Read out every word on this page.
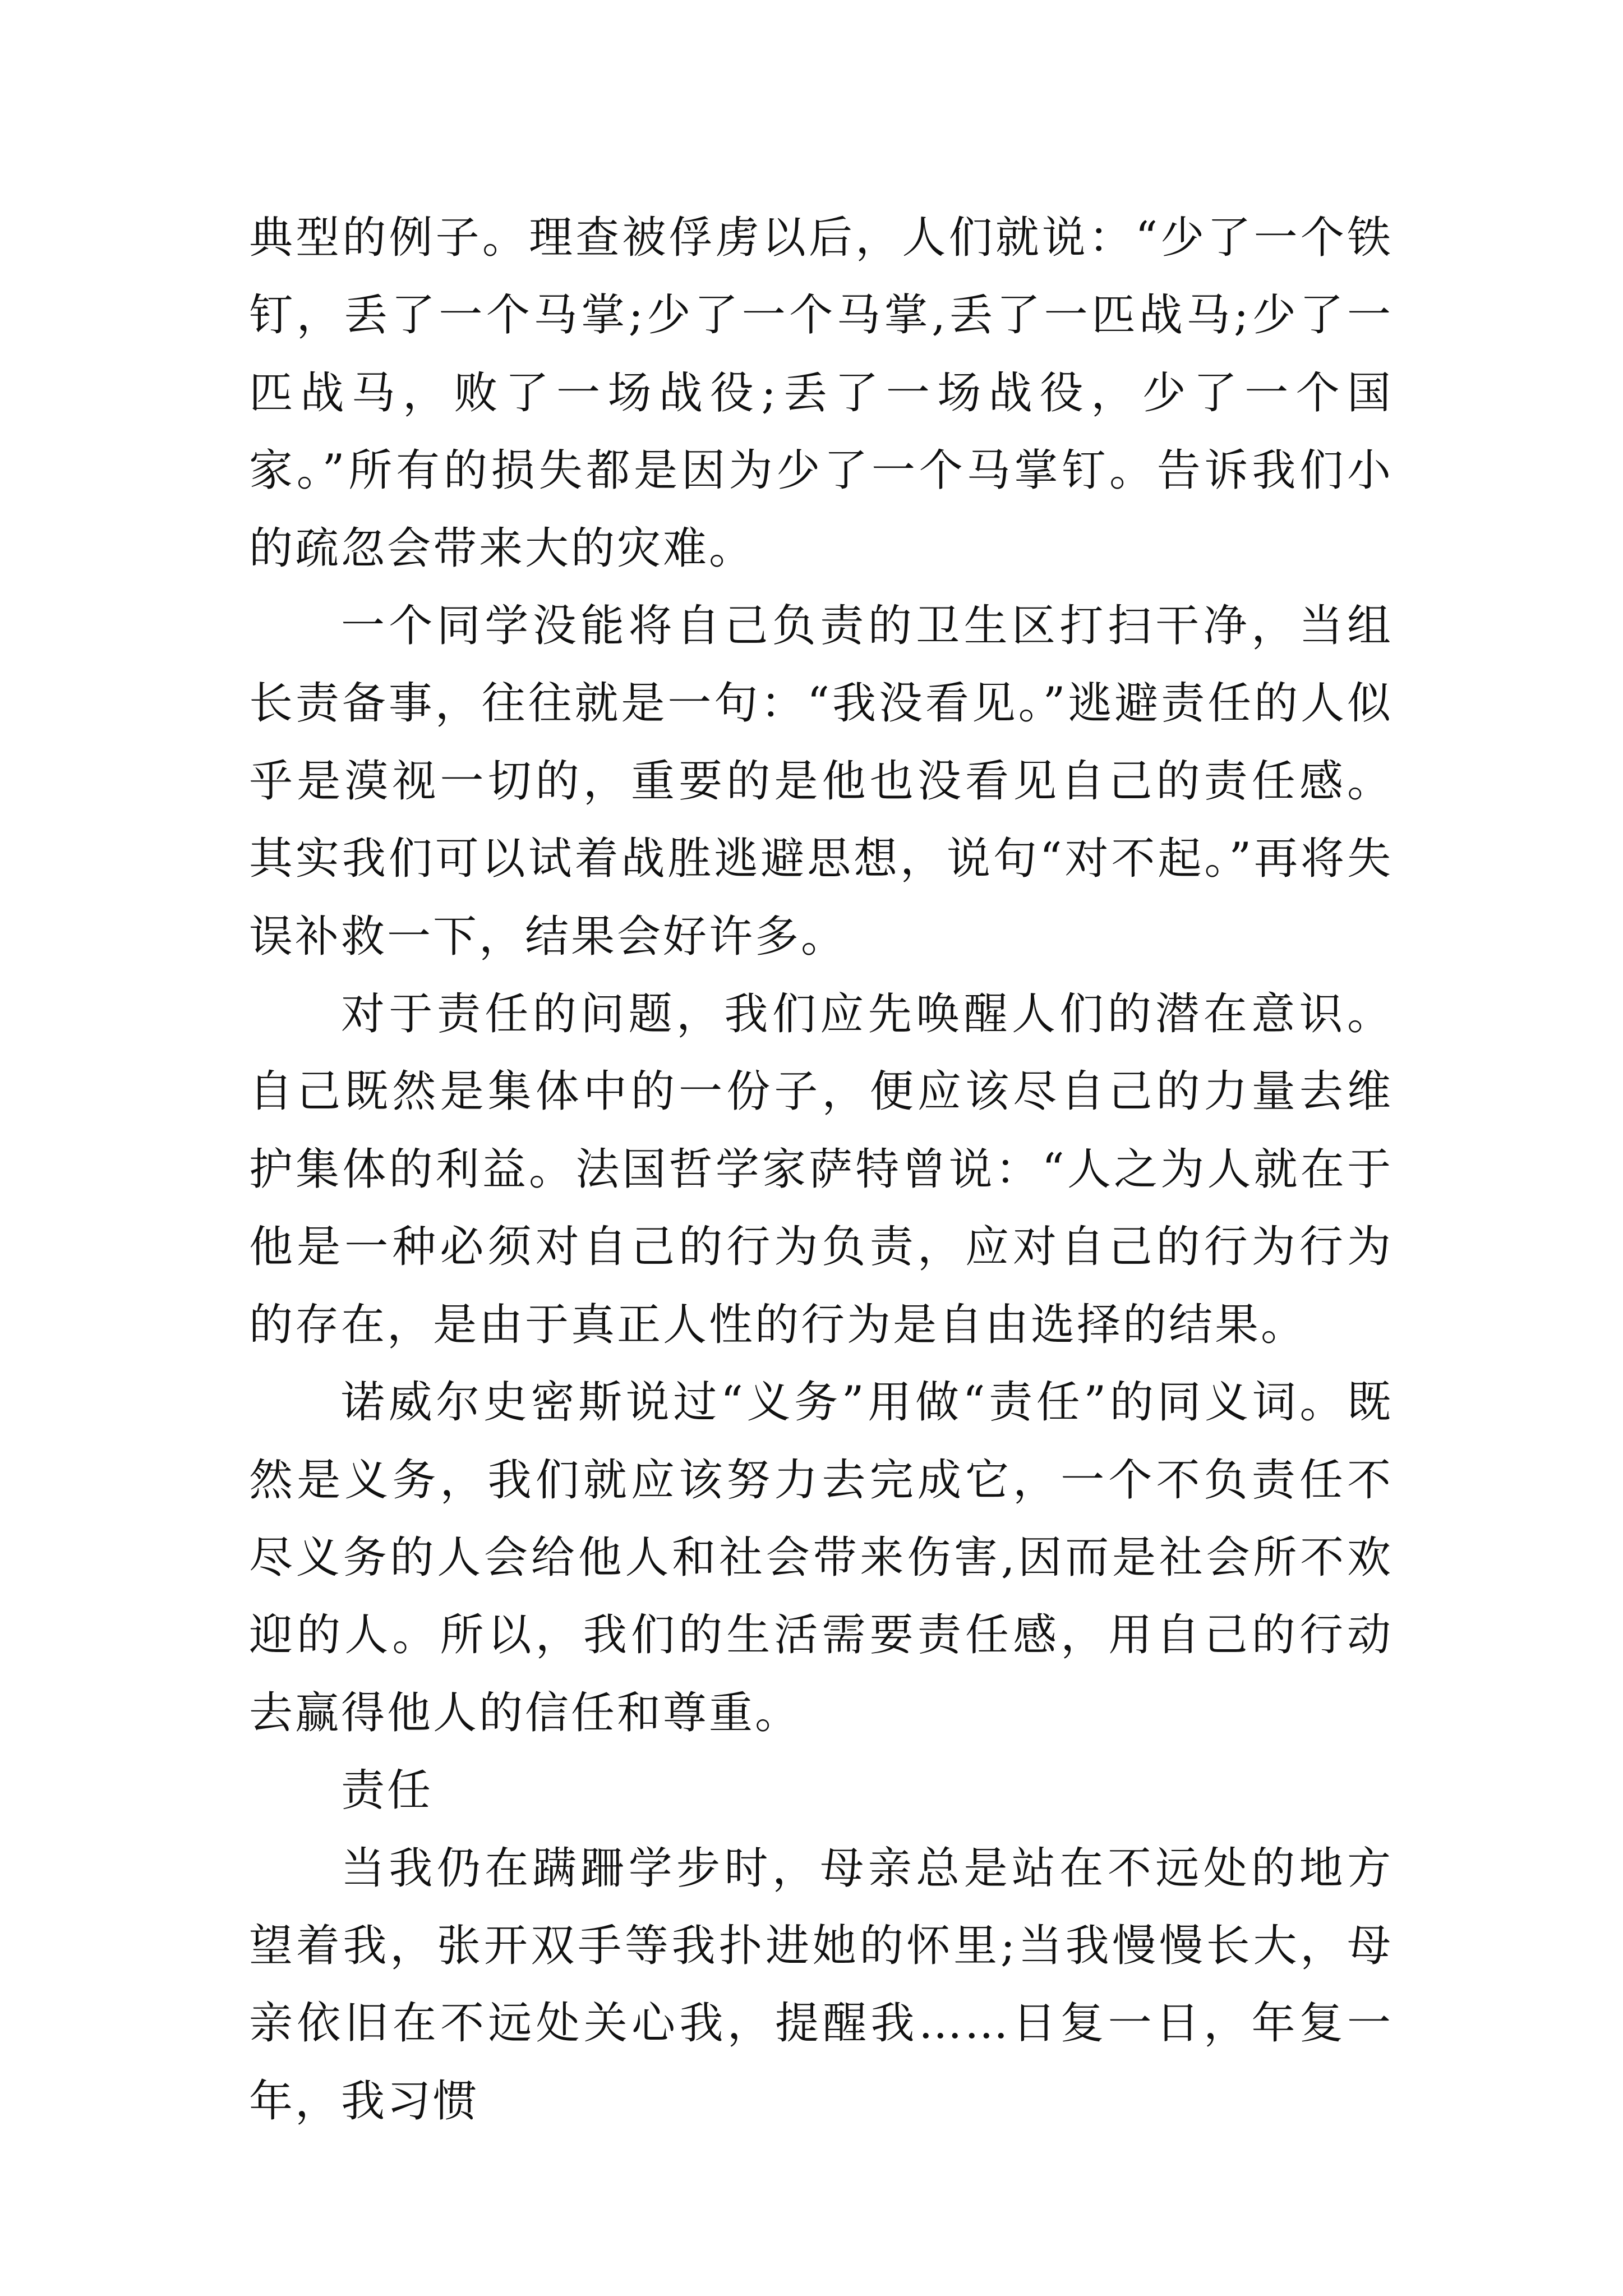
典型的例子。理查被俘虏以后，人们就说：“少了一个铁钉，丢了一个马掌;少了一个马掌,丢了一匹战马;少了一匹战马，败了一场战役;丢了一场战役，少了一个国家。”所有的损失都是因为少了一个马掌钉。告诉我们小的疏忽会带来大的灾难。

一个同学没能将自己负责的卫生区打扫干净，当组长责备事，往往就是一句：“我没看见。”逃避责任的人似乎是漠视一切的，重要的是他也没看见自己的责任感。其实我们可以试着战胜逃避思想，说句“对不起。”再将失误补救一下，结果会好许多。

对于责任的问题，我们应先唤醒人们的潜在意识。自己既然是集体中的一份子，便应该尽自己的力量去维护集体的利益。法国哲学家萨特曾说：“人之为人就在于他是一种必须对自己的行为负责，应对自己的行为行为的存在，是由于真正人性的行为是自由选择的结果。

诺威尔史密斯说过“义务”用做“责任”的同义词。既然是义务，我们就应该努力去完成它，一个不负责任不尽义务的人会给他人和社会带来伤害,因而是社会所不欢迎的人。所以，我们的生活需要责任感，用自己的行动去赢得他人的信任和尊重。

责任

当我仍在蹒跚学步时，母亲总是站在不远处的地方望着我，张开双手等我扑进她的怀里;当我慢慢长大，母亲依旧在不远处关心我，提醒我……日复一日，年复一年，我习惯
